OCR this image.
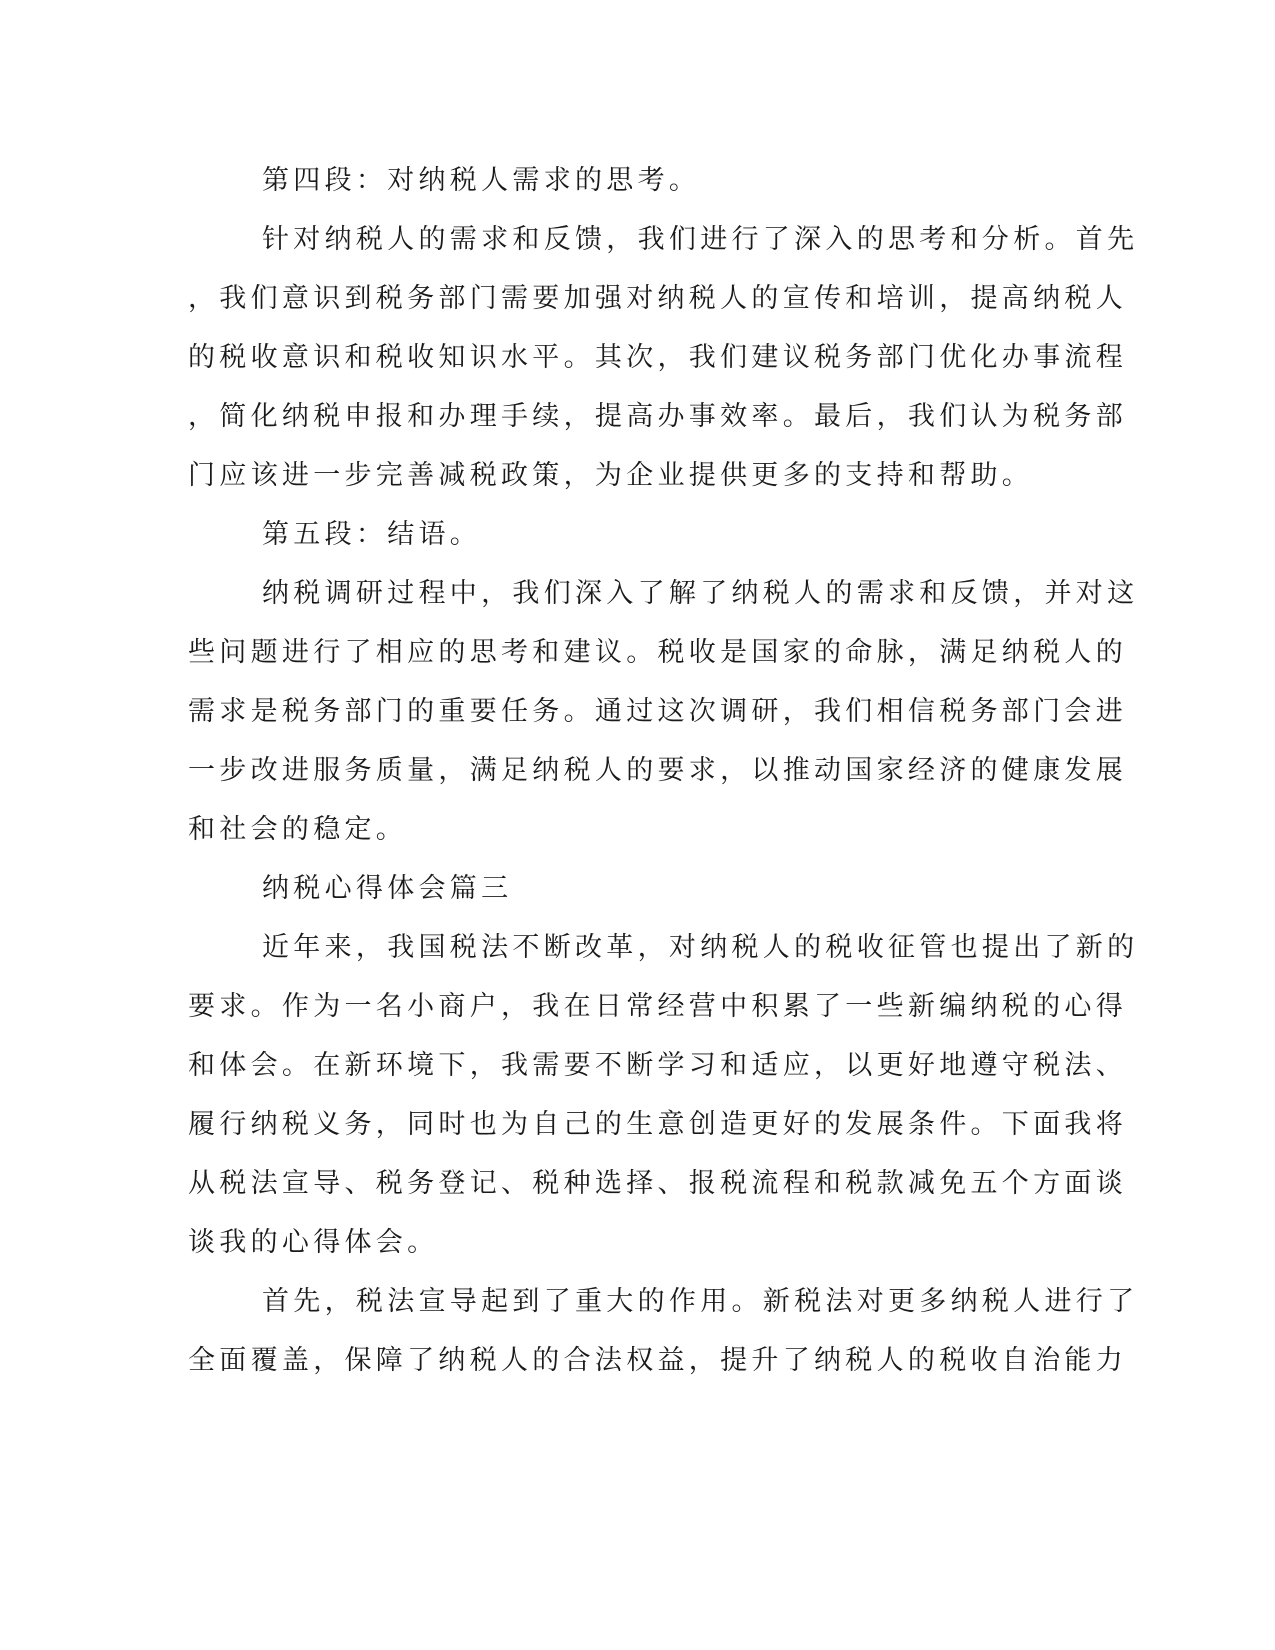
第四段：对纳税人需求的思考。
针对纳税人的需求和反馈，我们进行了深入的思考和分析。首先
，我们意识到税务部门需要加强对纳税人的宣传和培训，提高纳税人
的税收意识和税收知识水平。其次，我们建议税务部门优化办事流程
，简化纳税申报和办理手续，提高办事效率。最后，我们认为税务部
门应该进一步完善减税政策，为企业提供更多的支持和帮助。
第五段：结语。
纳税调研过程中，我们深入了解了纳税人的需求和反馈，并对这
些问题进行了相应的思考和建议。税收是国家的命脉，满足纳税人的
需求是税务部门的重要任务。通过这次调研，我们相信税务部门会进
一步改进服务质量，满足纳税人的要求，以推动国家经济的健康发展
和社会的稳定。
纳税心得体会篇三
近年来，我国税法不断改革，对纳税人的税收征管也提出了新的
要求。作为一名小商户，我在日常经营中积累了一些新编纳税的心得
和体会。在新环境下，我需要不断学习和适应，以更好地遵守税法、
履行纳税义务，同时也为自己的生意创造更好的发展条件。下面我将
从税法宣导、税务登记、税种选择、报税流程和税款减免五个方面谈
谈我的心得体会。
首先，税法宣导起到了重大的作用。新税法对更多纳税人进行了
全面覆盖，保障了纳税人的合法权益，提升了纳税人的税收自治能力
